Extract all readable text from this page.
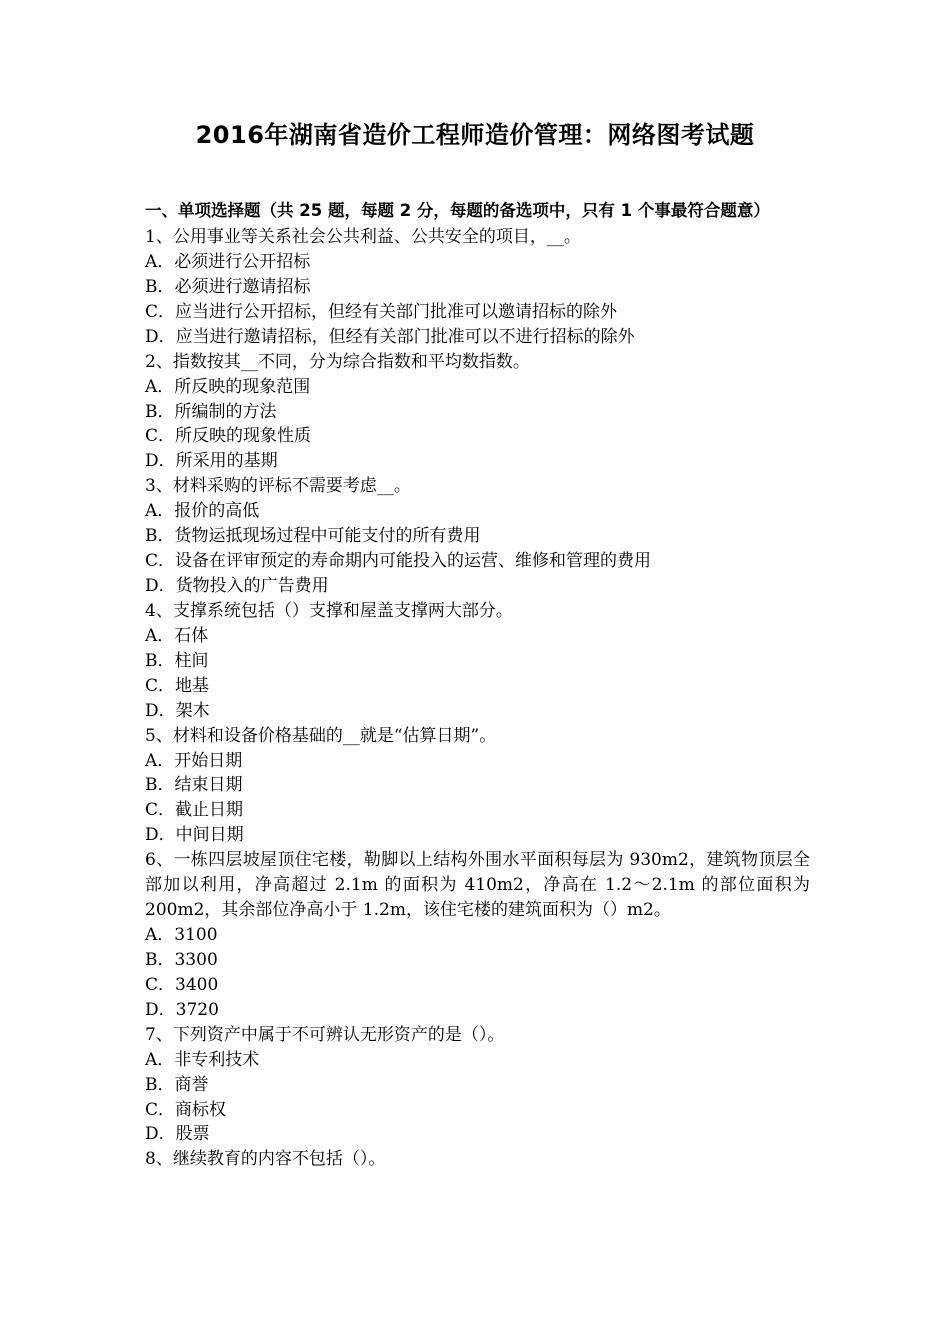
2016年湖南省造价工程师造价管理：网络图考试题
一、单项选择题（共 25 题，每题 2 分，每题的备选项中，只有 1 个事最符合题意）
1、公用事业等关系社会公共利益、公共安全的项目，__。
A．必须进行公开招标
B．必须进行邀请招标
C．应当进行公开招标，但经有关部门批准可以邀请招标的除外
D．应当进行邀请招标，但经有关部门批准可以不进行招标的除外
2、指数按其__不同，分为综合指数和平均数指数。
A．所反映的现象范围
B．所编制的方法
C．所反映的现象性质
D．所采用的基期
3、材料采购的评标不需要考虑__。
A．报价的高低
B．货物运抵现场过程中可能支付的所有费用
C．设备在评审预定的寿命期内可能投入的运营、维修和管理的费用
D．货物投入的广告费用
4、支撑系统包括（）支撑和屋盖支撑两大部分。
A．石体
B．柱间
C．地基
D．架木
5、材料和设备价格基础的__就是“估算日期”。
A．开始日期
B．结束日期
C．截止日期
D．中间日期
6、一栋四层坡屋顶住宅楼，勒脚以上结构外围水平面积每层为 930m2，建筑物顶层全部加以利用，净高超过 2.1m 的面积为 410m2，净高在 1.2～2.1m 的部位面积为 200m2，其余部位净高小于 1.2m，该住宅楼的建筑面积为（）m2。
A．3100
B．3300
C．3400
D．3720
7、下列资产中属于不可辨认无形资产的是（）。
A．非专利技术
B．商誉
C．商标权
D．股票
8、继续教育的内容不包括（）。
